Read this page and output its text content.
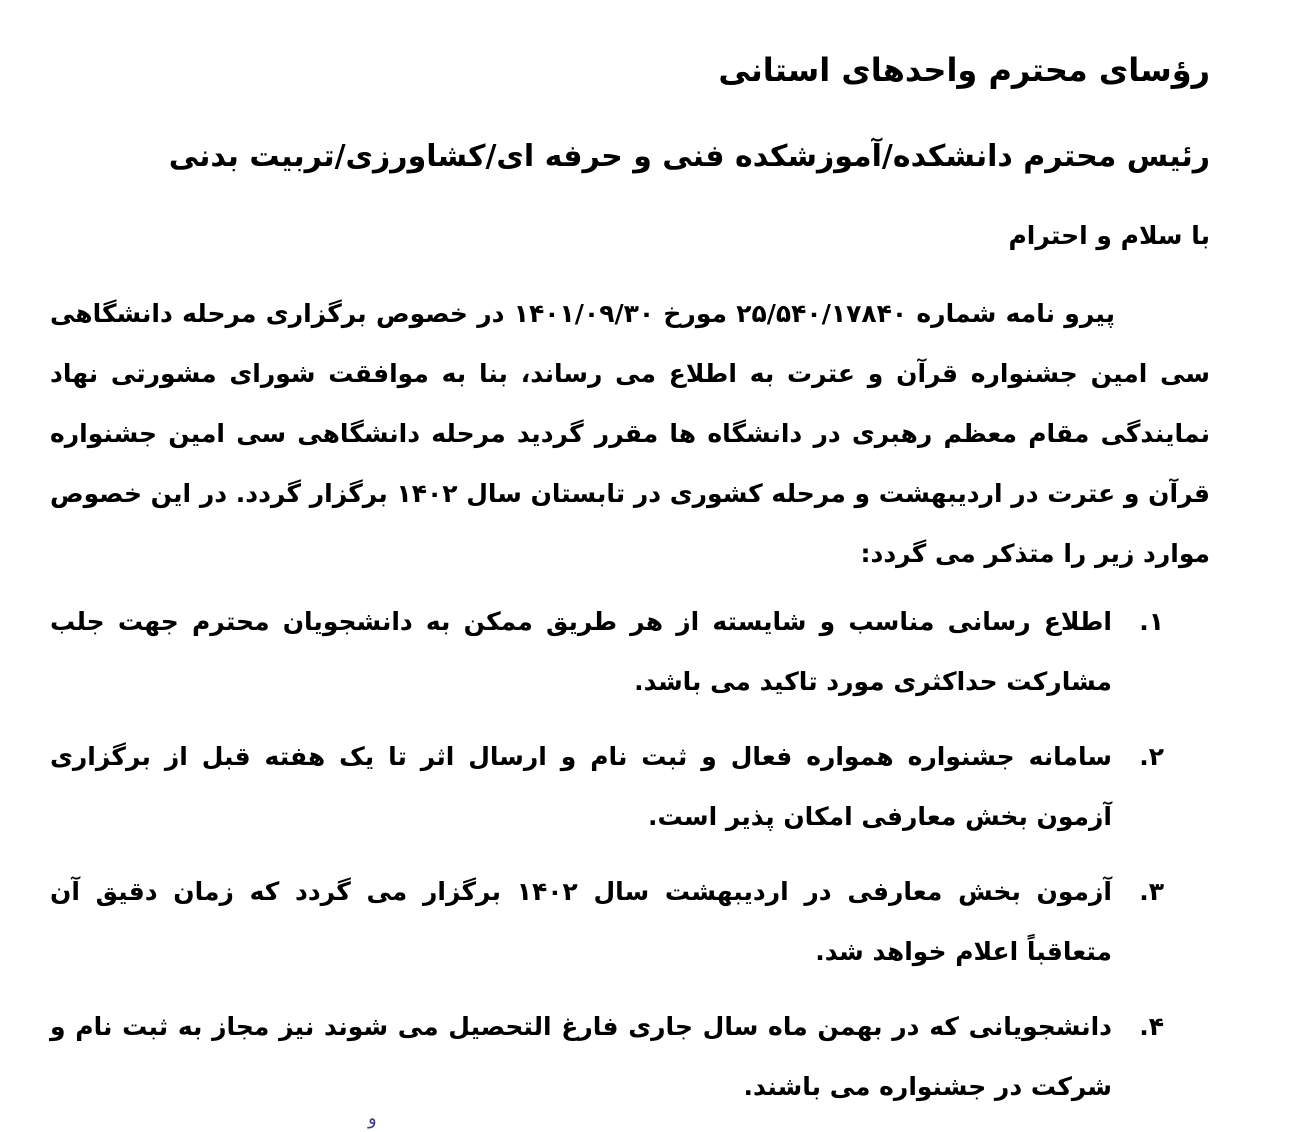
رؤسای محترم واحدهای استانی
رئیس محترم دانشکده/آموزشکده فنی و حرفه ای/کشاورزی/تربیت بدنی
با سلام و احترام
پیرو نامه شماره ۲۵/۵۴۰/۱۷۸۴۰ مورخ ۱۴۰۱/۰۹/۳۰ در خصوص برگزاری مرحله دانشگاهی سی امین جشنواره قرآن و عترت به اطلاع می رساند، بنا به موافقت شورای مشورتی نهاد نمایندگی مقام معظم رهبری در دانشگاه ها مقرر گردید مرحله دانشگاهی سی امین جشنواره قرآن و عترت در اردیبهشت و مرحله کشوری در تابستان سال ۱۴۰۲ برگزار گردد. در این خصوص موارد زیر را متذکر می گردد:
۱.
اطلاع رسانی مناسب و شایسته از هر طریق ممکن به دانشجویان محترم جهت جلب مشارکت حداکثری مورد تاکید می باشد.
۲.
سامانه جشنواره همواره فعال و ثبت نام و ارسال اثر تا یک هفته قبل از برگزاری آزمون بخش معارفی امکان پذیر است.
۳.
آزمون بخش معارفی در اردیبهشت سال ۱۴۰۲ برگزار می گردد که زمان دقیق آن متعاقباً اعلام خواهد شد.
۴.
دانشجویانی که در بهمن ماه سال جاری فارغ التحصیل می شوند نیز مجاز به ثبت نام و شرکت در جشنواره می باشند.
و
